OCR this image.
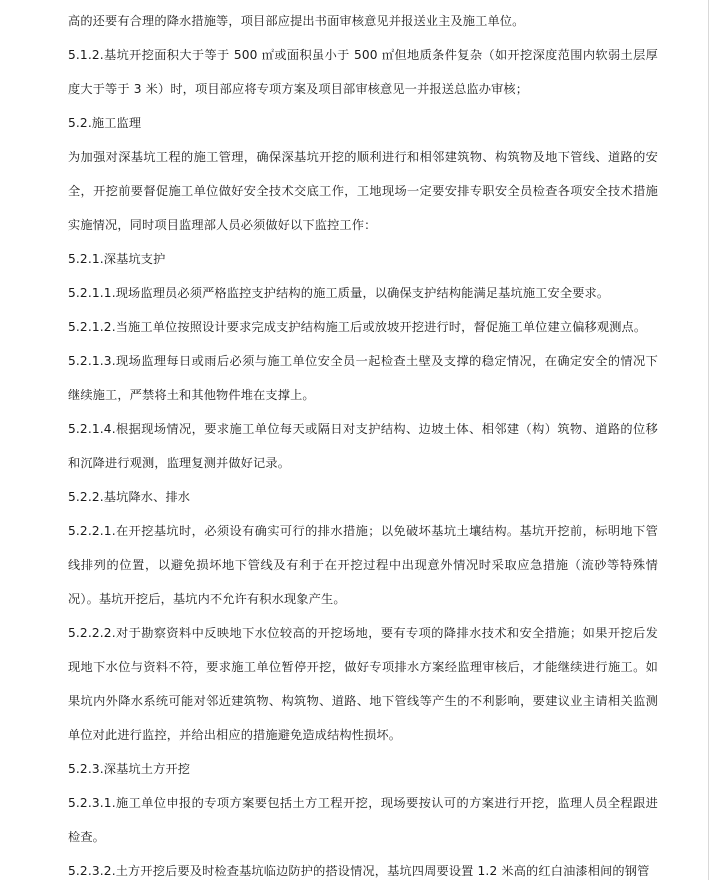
高的还要有合理的降水措施等，项目部应提出书面审核意见并报送业主及施工单位。

5.1.2.基坑开挖面积大于等于 500 ㎡或面积虽小于 500 ㎡但地质条件复杂（如开挖深度范围内软弱土层厚度大于等于 3 米）时，项目部应将专项方案及项目部审核意见一并报送总监办审核；

5.2.施工监理

为加强对深基坑工程的施工管理，确保深基坑开挖的顺利进行和相邻建筑物、构筑物及地下管线、道路的安全，开挖前要督促施工单位做好安全技术交底工作，工地现场一定要安排专职安全员检查各项安全技术措施实施情况，同时项目监理部人员必须做好以下监控工作：

5.2.1.深基坑支护

5.2.1.1.现场监理员必须严格监控支护结构的施工质量，以确保支护结构能满足基坑施工安全要求。

5.2.1.2.当施工单位按照设计要求完成支护结构施工后或放坡开挖进行时，督促施工单位建立偏移观测点。

5.2.1.3.现场监理每日或雨后必须与施工单位安全员一起检查土壁及支撑的稳定情况，在确定安全的情况下继续施工，严禁将土和其他物件堆在支撑上。

5.2.1.4.根据现场情况，要求施工单位每天或隔日对支护结构、边坡土体、相邻建（构）筑物、道路的位移和沉降进行观测，监理复测并做好记录。

5.2.2.基坑降水、排水

5.2.2.1.在开挖基坑时，必须设有确实可行的排水措施；以免破坏基坑土壤结构。基坑开挖前，标明地下管线排列的位置，以避免损坏地下管线及有利于在开挖过程中出现意外情况时采取应急措施（流砂等特殊情况）。基坑开挖后，基坑内不允许有积水现象产生。

5.2.2.2.对于勘察资料中反映地下水位较高的开挖场地，要有专项的降排水技术和安全措施；如果开挖后发现地下水位与资料不符，要求施工单位暂停开挖，做好专项排水方案经监理审核后，才能继续进行施工。如果坑内外降水系统可能对邻近建筑物、构筑物、道路、地下管线等产生的不利影响，要建议业主请相关监测单位对此进行监控，并给出相应的措施避免造成结构性损坏。

5.2.3.深基坑土方开挖

5.2.3.1.施工单位申报的专项方案要包括土方工程开挖，现场要按认可的方案进行开挖，监理人员全程跟进检查。

5.2.3.2.土方开挖后要及时检查基坑临边防护的搭设情况，基坑四周要设置 1.2 米高的红白油漆相间的钢管
